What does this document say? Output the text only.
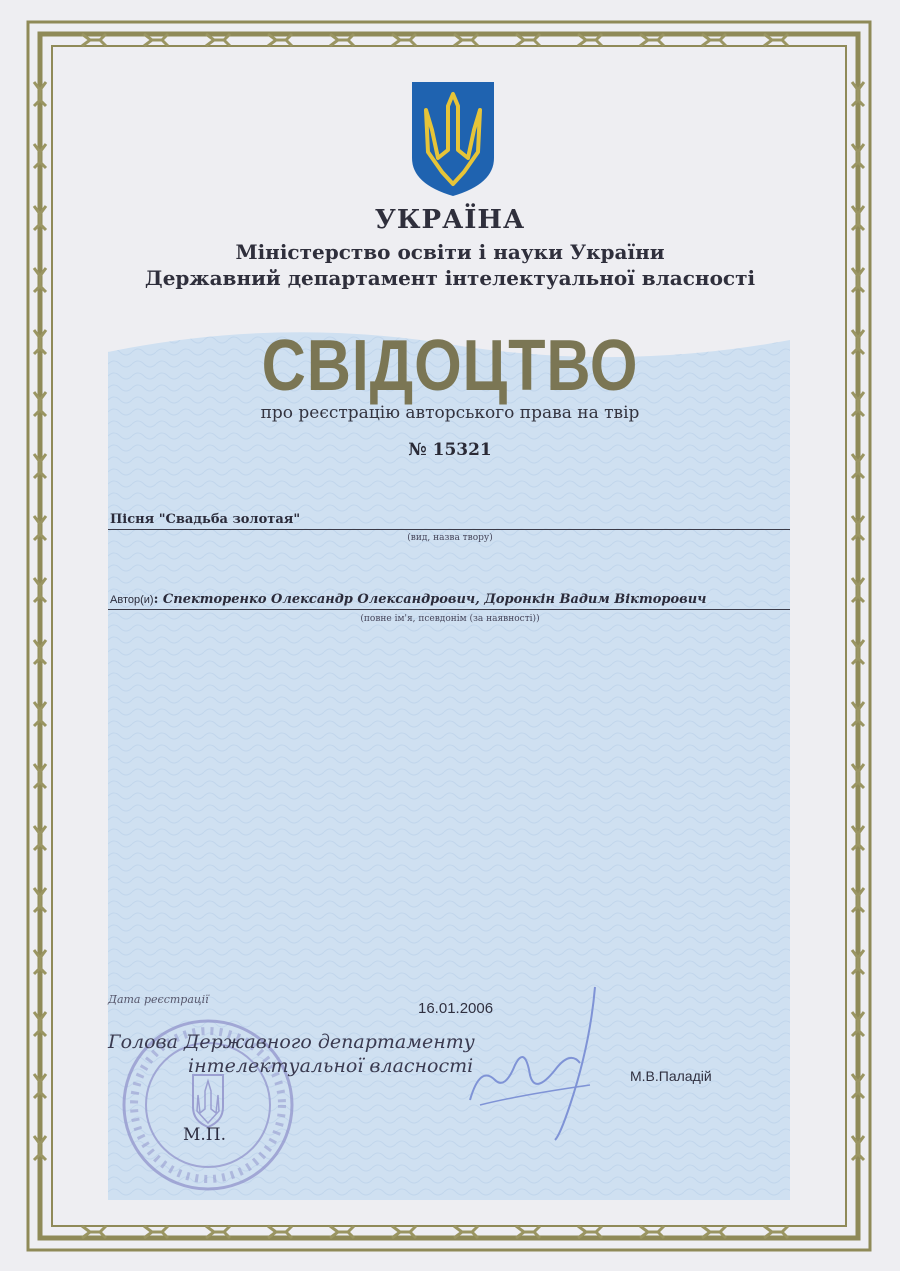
УКРАЇНА
Міністерство освіти і науки України
Державний департамент інтелектуальної власності
СВІДОЦТВО
про реєстрацію авторського права на твір
№ 15321
Пісня "Свадьба золотая"
(вид, назва твору)
Автор(и): Спекторенко Олександр Олександрович, Доронкін Вадим Вікторович
(повне ім'я, псевдонім (за наявності))
Дата реєстрації
16.01.2006
Голова Державного департаменту
інтелектуальної власності
М.П.
М.В.Паладій
